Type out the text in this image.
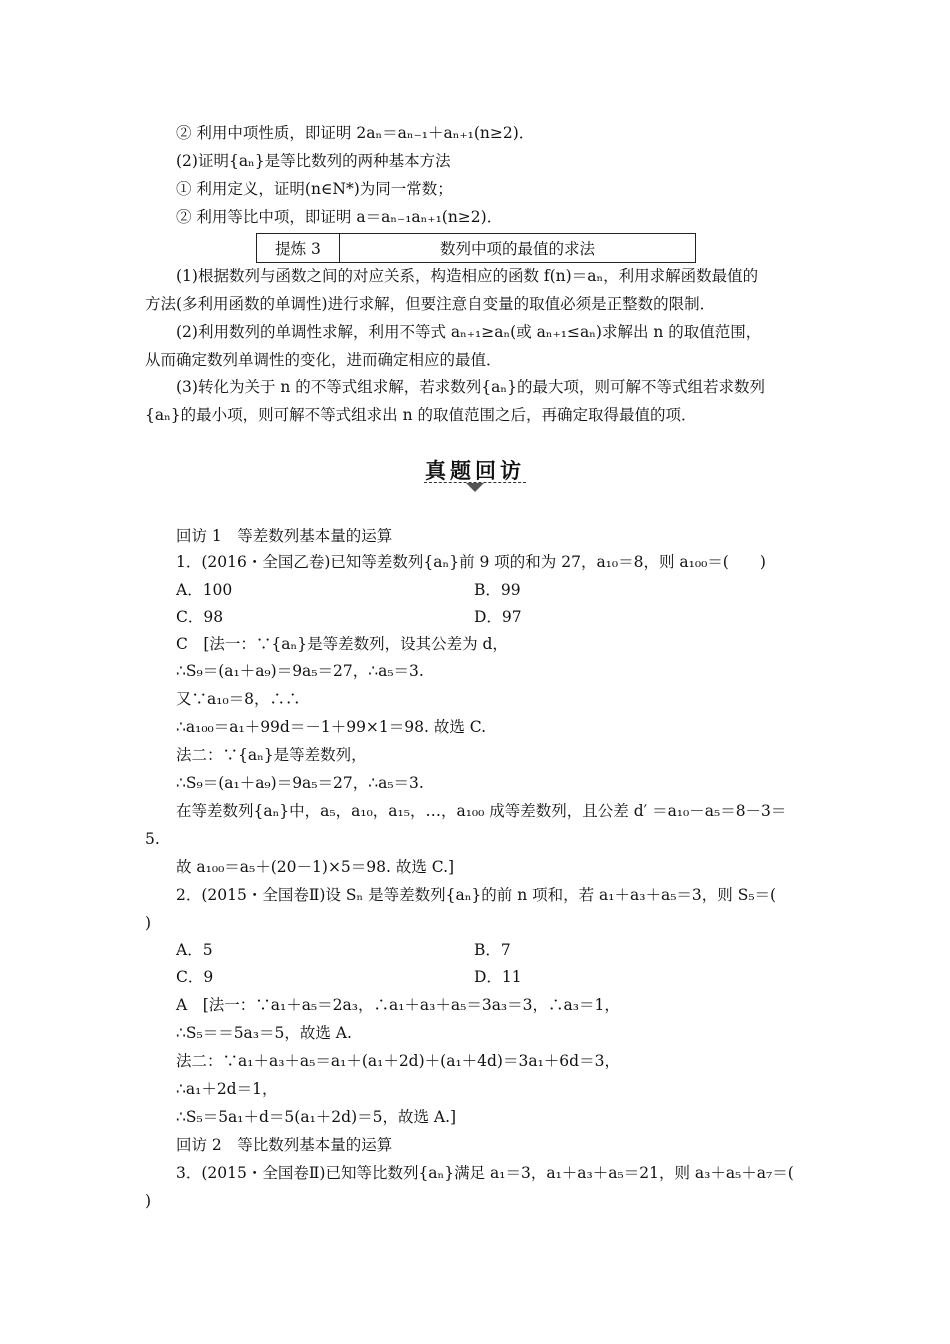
② 利用中项性质，即证明 2aₙ＝aₙ₋₁＋aₙ₊₁(n≥2)．
(2)证明{aₙ}是等比数列的两种基本方法
① 利用定义，证明(n∈N*)为同一常数；
② 利用等比中项，即证明 a＝aₙ₋₁aₙ₊₁(n≥2)．
提炼 3	数列中项的最值的求法
(1)根据数列与函数之间的对应关系，构造相应的函数 f(n)＝aₙ，利用求解函数最值的
方法(多利用函数的单调性)进行求解，但要注意自变量的取值必须是正整数的限制．
(2)利用数列的单调性求解，利用不等式 aₙ₊₁≥aₙ(或 aₙ₊₁≤aₙ)求解出 n 的取值范围，
从而确定数列单调性的变化，进而确定相应的最值．
(3)转化为关于 n 的不等式组求解，若求数列{aₙ}的最大项，则可解不等式组若求数列
{aₙ}的最小项，则可解不等式组求出 n 的取值范围之后，再确定取得最值的项．
真题回访
回访 1　等差数列基本量的运算
1．(2016・全国乙卷)已知等差数列{aₙ}前 9 项的和为 27，a₁₀＝8，则 a₁₀₀＝(　　)
A．100	B．99
C．98	D．97
C　[法一：∵{aₙ}是等差数列，设其公差为 d，
∴S₉＝(a₁＋a₉)＝9a₅＝27，∴a₅＝3.
又∵a₁₀＝8，∴∴
∴a₁₀₀＝a₁＋99d＝－1＋99×1＝98. 故选 C.
法二：∵{aₙ}是等差数列，
∴S₉＝(a₁＋a₉)＝9a₅＝27，∴a₅＝3.
在等差数列{aₙ}中，a₅，a₁₀，a₁₅，…，a₁₀₀ 成等差数列，且公差 d′ ＝a₁₀－a₅＝8－3＝
5.
故 a₁₀₀＝a₅＋(20－1)×5＝98. 故选 C.]
2．(2015・全国卷Ⅱ)设 Sₙ 是等差数列{aₙ}的前 n 项和，若 a₁＋a₃＋a₅＝3，则 S₅＝(
)
A．5	B．7
C．9	D．11
A　[法一：∵a₁＋a₅＝2a₃，∴a₁＋a₃＋a₅＝3a₃＝3，∴a₃＝1，
∴S₅＝＝5a₃＝5，故选 A.
法二：∵a₁＋a₃＋a₅＝a₁＋(a₁＋2d)＋(a₁＋4d)＝3a₁＋6d＝3，
∴a₁＋2d＝1，
∴S₅＝5a₁＋d＝5(a₁＋2d)＝5，故选 A.]
回访 2　等比数列基本量的运算
3．(2015・全国卷Ⅱ)已知等比数列{aₙ}满足 a₁＝3，a₁＋a₃＋a₅＝21，则 a₃＋a₅＋a₇＝(
)
